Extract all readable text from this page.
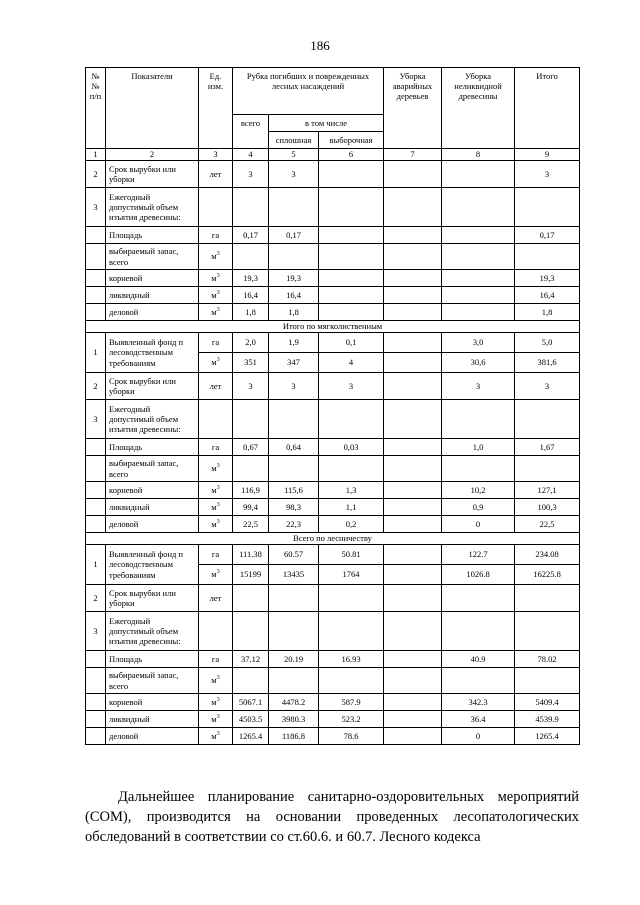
186
№№ п/п	Показатели	Ед. изм.	Рубка погибших и поврежденных лесных насаждений			Уборка аварийных деревьев	Уборка неликвидной древесины	Итого
			всего	в том числе				
				сплошная	выборочная			
1	2	3	4	5	6	7	8	9
2	Срок вырубки или уборки	лет	3	3				3
3	Ежегодный допустимый объем изъятия древесины:							
	Площадь	га	0,17	0,17				0,17
	выбираемый запас, всего	$м^3$						
	корневой	$м^3$	19,3	19,3				19,3
	ликвидный	$м^3$	16,4	16,4				16,4
	деловой	$м^3$	1,8	1,8				1,8
Итого по мягколиственным								
1	Выявленный фонд п лесоводственным требованиям	га	2,0	1,9	0,1		3,0	5,0
		$м^3$	351	347	4		30,6	381,6
2	Срок вырубки или уборки	лет	3	3	3		3	3
3	Ежегодный допустимый объем изъятия древесины:							
	Площадь	га	0,67	0,64	0,03		1,0	1,67
	выбираемый запас, всего	$м^3$						
	корневой	$м^3$	116,9	115,6	1,3		10,2	127,1
	ликвидный	$м^3$	99,4	98,3	1,1		0,9	100,3
	деловой	$м^3$	22,5	22,3	0,2		0	22,5
Всего по лесничеству								
1	Выявленный фонд п лесоводственным требованиям	га	111.38	60.57	50.81		122.7	234.08
		$м^3$	15199	13435	1764		1026.8	16225.8
2	Срок вырубки или уборки	лет						
3	Ежегодный допустимый объем изъятия древесины:							
	Площадь	га	37.12	20.19	16.93		40.9	78.02
	выбираемый запас, всего	$м^3$						
	корневой	$м^3$	5067.1	4478.2	587.9		342.3	5409.4
	ликвидный	$м^3$	4503.5	3980.3	523.2		36.4	4539.9
	деловой	$м^3$	1265.4	1186.8	78.6		0	1265.4

Дальнейшее планирование санитарно-оздоровительных мероприятий (СОМ), производится на основании проведенных лесопатологических обследований в соответствии со ст.60.6. и 60.7. Лесного кодекса
